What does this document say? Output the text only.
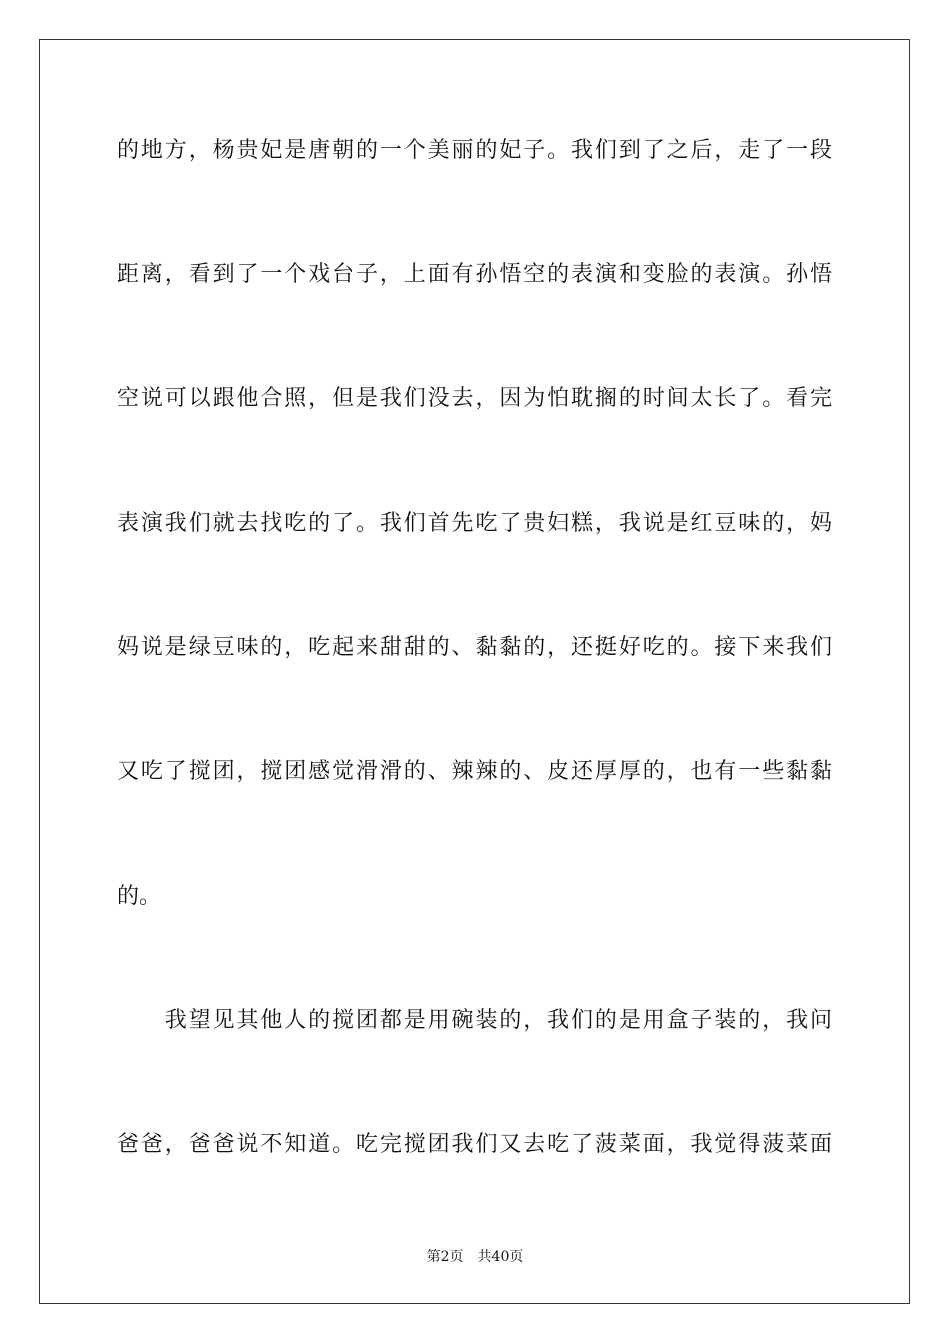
的地方，杨贵妃是唐朝的一个美丽的妃子。我们到了之后，走了一段
距离，看到了一个戏台子，上面有孙悟空的表演和变脸的表演。孙悟
空说可以跟他合照，但是我们没去，因为怕耽搁的时间太长了。看完
表演我们就去找吃的了。我们首先吃了贵妇糕，我说是红豆味的，妈
妈说是绿豆味的，吃起来甜甜的、黏黏的，还挺好吃的。接下来我们
又吃了搅团，搅团感觉滑滑的、辣辣的、皮还厚厚的，也有一些黏黏
的。
　　我望见其他人的搅团都是用碗装的，我们的是用盒子装的，我问
爸爸，爸爸说不知道。吃完搅团我们又去吃了菠菜面，我觉得菠菜面
第2页 共40页
